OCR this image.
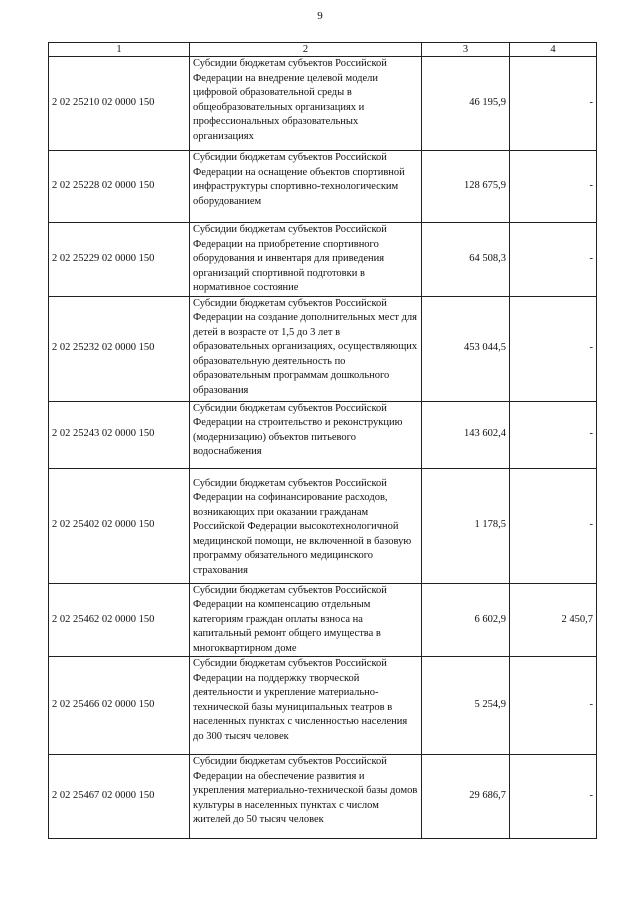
9
1	2	3	4
2 02 25210 02 0000 150	Субсидии бюджетам субъектов Российской Федерации на внедрение целевой модели цифровой образовательной среды в общеобразовательных организациях и профессиональных образовательных организациях	46 195,9	-
2 02 25228 02 0000 150	Субсидии бюджетам субъектов Российской Федерации на оснащение объектов спортивной инфраструктуры спортивно-технологическим оборудованием	128 675,9	-
2 02 25229 02 0000 150	Субсидии бюджетам субъектов Российской Федерации на приобретение спортивного оборудования и инвентаря для приведения организаций спортивной подготовки в нормативное состояние	64 508,3	-
2 02 25232 02 0000 150	Субсидии бюджетам субъектов Российской Федерации на создание дополнительных мест для детей в возрасте от 1,5 до 3 лет в образовательных организациях, осуществляющих образовательную деятельность по образовательным программам дошкольного образования	453 044,5	-
2 02 25243 02 0000 150	Субсидии бюджетам субъектов Российской Федерации на строительство и реконструкцию (модернизацию) объектов питьевого водоснабжения	143 602,4	-
2 02 25402 02 0000 150	Субсидии бюджетам субъектов Российской Федерации на софинансирование расходов, возникающих при оказании гражданам Российской Федерации высокотехнологичной медицинской помощи, не включенной в базовую программу обязательного медицинского страхования	1 178,5	-
2 02 25462 02 0000 150	Субсидии бюджетам субъектов Российской Федерации на компенсацию отдельным категориям граждан оплаты взноса на капитальный ремонт общего имущества в многоквартирном доме	6 602,9	2 450,7
2 02 25466 02 0000 150	Субсидии бюджетам субъектов Российской Федерации на поддержку творческой деятельности и укрепление материально-технической базы муниципальных театров в населенных пунктах с численностью населения до 300 тысяч человек	5 254,9	-
2 02 25467 02 0000 150	Субсидии бюджетам субъектов Российской Федерации на обеспечение развития и укрепления материально-технической базы домов культуры в населенных пунктах с числом жителей до 50 тысяч человек	29 686,7	-
